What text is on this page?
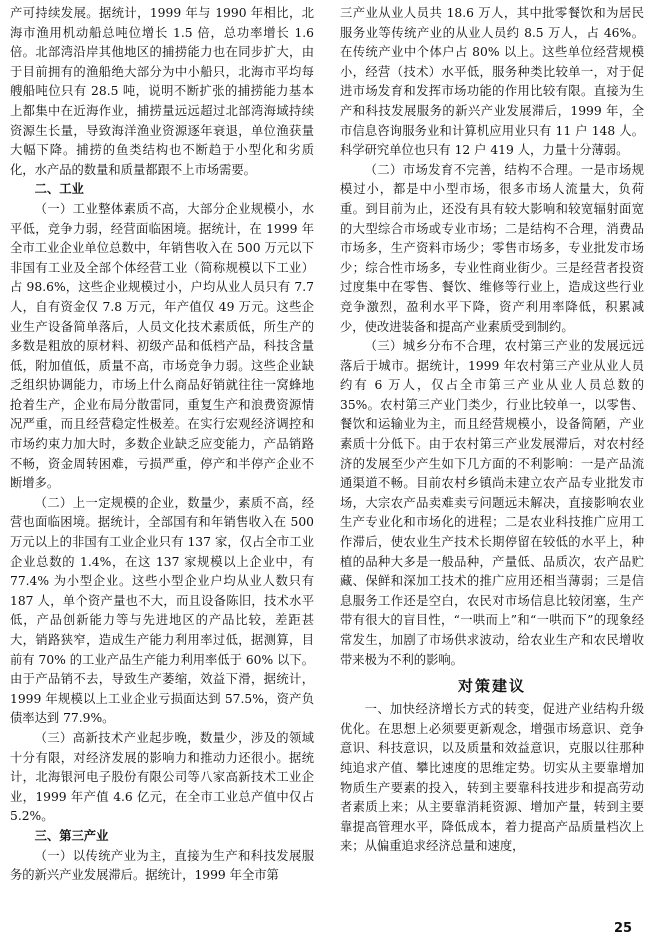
产可持续发展。据统计，1999 年与 1990 年相比，北海市渔用机动船总吨位增长 1.5 倍，总功率增长 1.6 倍。北部湾沿岸其他地区的捕捞能力也在同步扩大，由于目前拥有的渔船绝大部分为中小船只，北海市平均每艘船吨位只有 28.5 吨，说明不断扩张的捕捞能力基本上都集中在近海作业，捕捞量远远超过北部湾海域持续资源生长量，导致海洋渔业资源逐年衰退，单位渔获量大幅下降。捕捞的鱼类结构也不断趋于小型化和劣质化，水产品的数量和质量都跟不上市场需要。

二、工业

（一）工业整体素质不高，大部分企业规模小，水平低，竞争力弱，经营面临困境。据统计，在 1999 年全市工业企业单位总数中，年销售收入在 500 万元以下非国有工业及全部个体经营工业（简称规模以下工业）占 98.6%，这些企业规模过小，户均从业人员只有 7.7 人，自有资金仅 7.8 万元，年产值仅 49 万元。这些企业生产设备简单落后，人员文化技术素质低，所生产的多数是粗放的原材料、初级产品和低档产品，科技含量低，附加值低，质量不高，市场竞争力弱。这些企业缺乏组织协调能力，市场上什么商品好销就往往一窝蜂地抢着生产，企业布局分散雷同，重复生产和浪费资源情况严重，而且经营稳定性极差。在实行宏观经济调控和市场约束力加大时，多数企业缺乏应变能力，产品销路不畅，资金周转困难，亏损严重，停产和半停产企业不断增多。

（二）上一定规模的企业，数量少，素质不高，经营也面临困境。据统计，全部国有和年销售收入在 500 万元以上的非国有工业企业只有 137 家，仅占全市工业企业总数的 1.4%，在这 137 家规模以上企业中，有 77.4% 为小型企业。这些小型企业户均从业人数只有 187 人，单个资产量也不大，而且设备陈旧，技术水平低，产品创新能力等与先进地区的产品比较，差距甚大，销路狭窄，造成生产能力利用率过低，据测算，目前有 70% 的工业产品生产能力利用率低于 60% 以下。由于产品销不去，导致生产萎缩，效益下滑，据统计，1999 年规模以上工业企业亏损面达到 57.5%，资产负债率达到 77.9%。

（三）高新技术产业起步晚，数量少，涉及的领域十分有限，对经济发展的影响力和推动力还很小。据统计，北海银河电子股份有限公司等八家高新技术工业企业，1999 年产值 4.6 亿元，在全市工业总产值中仅占 5.2%。

三、第三产业

（一）以传统产业为主，直接为生产和科技发展服务的新兴产业发展滞后。据统计，1999 年全市第

三产业从业人员共 18.6 万人，其中批零餐饮和为居民服务业等传统产业的从业人员约 8.5 万人，占 46%。在传统产业中个体户占 80% 以上。这些单位经营规模小，经营（技术）水平低，服务种类比较单一，对于促进市场发育和发挥市场功能的作用比较有限。直接为生产和科技发展服务的新兴产业发展滞后，1999 年，全市信息咨询服务业和计算机应用业只有 11 户 148 人。科学研究单位也只有 12 户 419 人，力量十分薄弱。

（二）市场发育不完善，结构不合理。一是市场规模过小，都是中小型市场，很多市场人流量大，负荷重。到目前为止，还没有具有较大影响和较宽辐射面宽的大型综合市场或专业市场；二是结构不合理，消费品市场多，生产资料市场少；零售市场多，专业批发市场少；综合性市场多，专业性商业街少。三是经营者投资过度集中在零售、餐饮、维修等行业上，造成这些行业竞争激烈，盈利水平下降，资产利用率降低，积累减少，使改进装备和提高产业素质受到制约。

（三）城乡分布不合理，农村第三产业的发展远远落后于城市。据统计，1999 年农村第三产业从业人员约有 6 万人，仅占全市第三产业从业人员总数的 35%。农村第三产业门类少，行业比较单一，以零售、餐饮和运输业为主，而且经营规模小，设备简陋，产业素质十分低下。由于农村第三产业发展滞后，对农村经济的发展至少产生如下几方面的不利影响：一是产品流通渠道不畅。目前农村乡镇尚未建立农产品专业批发市场，大宗农产品卖难卖亏问题远未解决，直接影响农业生产专业化和市场化的进程；二是农业科技推广应用工作滞后，使农业生产技术长期停留在较低的水平上，种植的品种大多是一般品种，产量低、品质次，农产品贮藏、保鲜和深加工技术的推广应用还相当薄弱；三是信息服务工作还是空白，农民对市场信息比较闭塞，生产带有很大的盲目性，“一哄而上”和“一哄而下”的现象经常发生，加剧了市场供求波动，给农业生产和农民增收带来极为不利的影响。

对策建议

一、加快经济增长方式的转变，促进产业结构升级优化。在思想上必须要更新观念，增强市场意识、竞争意识、科技意识，以及质量和效益意识，克服以往那种纯追求产值、攀比速度的思维定势。切实从主要靠增加物质生产要素的投入，转到主要靠科技进步和提高劳动者素质上来；从主要靠消耗资源、增加产量，转到主要靠提高管理水平，降低成本，着力提高产品质量档次上来；从偏重追求经济总量和速度，

25
